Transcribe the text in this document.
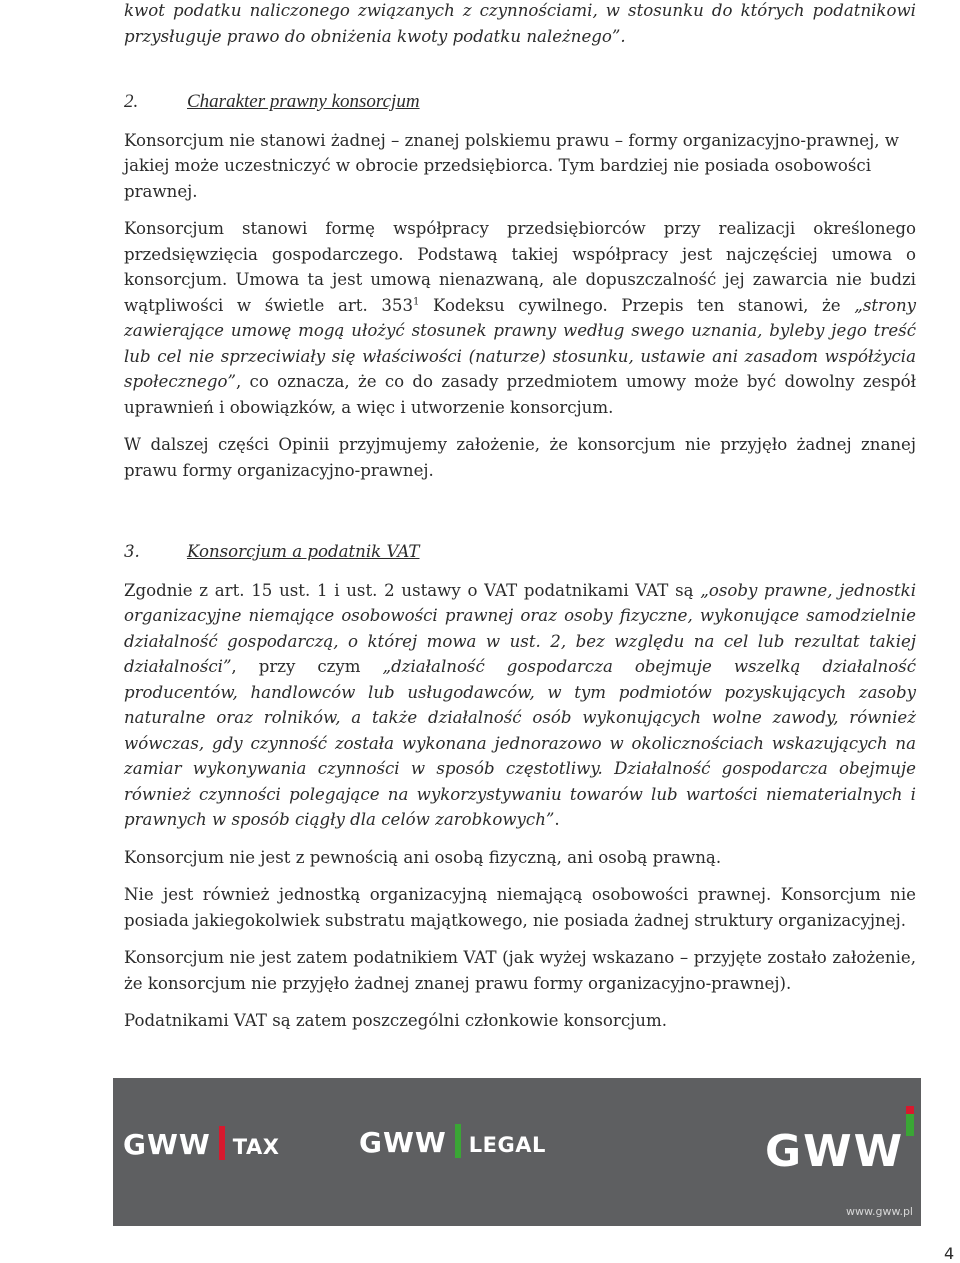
kwot podatku naliczonego związanych z czynnościami, w stosunku do których podatnikowi przysługuje prawo do obniżenia kwoty podatku należnego”.

2.	Charakter prawny konsorcjum

Konsorcjum nie stanowi żadnej – znanej polskiemu prawu – formy organizacyjno-prawnej, w jakiej może uczestniczyć w obrocie przedsiębiorca. Tym bardziej nie posiada osobowości prawnej.

Konsorcjum stanowi formę współpracy przedsiębiorców przy realizacji określonego przedsięwzięcia gospodarczego. Podstawą takiej współpracy jest najczęściej umowa o konsorcjum. Umowa ta jest umową nienazwaną, ale dopuszczalność jej zawarcia nie budzi wątpliwości w świetle art. $353^1$ Kodeksu cywilnego. Przepis ten stanowi, że „strony zawierające umowę mogą ułożyć stosunek prawny według swego uznania, byleby jego treść lub cel nie sprzeciwiały się właściwości (naturze) stosunku, ustawie ani zasadom współżycia społecznego”, co oznacza, że co do zasady przedmiotem umowy może być dowolny zespół uprawnień i obowiązków, a więc i utworzenie konsorcjum.

W dalszej części Opinii przyjmujemy założenie, że konsorcjum nie przyjęło żadnej znanej prawu formy organizacyjno-prawnej.

3.	Konsorcjum a podatnik VAT

Zgodnie z art. 15 ust. 1 i ust. 2 ustawy o VAT podatnikami VAT są „osoby prawne, jednostki organizacyjne niemające osobowości prawnej oraz osoby fizyczne, wykonujące samodzielnie działalność gospodarczą, o której mowa w ust. 2, bez względu na cel lub rezultat takiej działalności”, przy czym „działalność gospodarcza obejmuje wszelką działalność producentów, handlowców lub usługodawców, w tym podmiotów pozyskujących zasoby naturalne oraz rolników, a także działalność osób wykonujących wolne zawody, również wówczas, gdy czynność została wykonana jednorazowo w okolicznościach wskazujących na zamiar wykonywania czynności w sposób częstotliwy. Działalność gospodarcza obejmuje również czynności polegające na wykorzystywaniu towarów lub wartości niematerialnych i prawnych w sposób ciągły dla celów zarobkowych”.

Konsorcjum nie jest z pewnością ani osobą fizyczną, ani osobą prawną.

Nie jest również jednostką organizacyjną niemającą osobowości prawnej. Konsorcjum nie posiada jakiegokolwiek substratu majątkowego, nie posiada żadnej struktury organizacyjnej.

Konsorcjum nie jest zatem podatnikiem VAT (jak wyżej wskazano – przyjęte zostało założenie, że konsorcjum nie przyjęło żadnej znanej prawu formy organizacyjno-prawnej).

Podatnikami VAT są zatem poszczególni członkowie konsorcjum.

GWW TAX	GWW LEGAL	GWW
www.gww.pl
4
